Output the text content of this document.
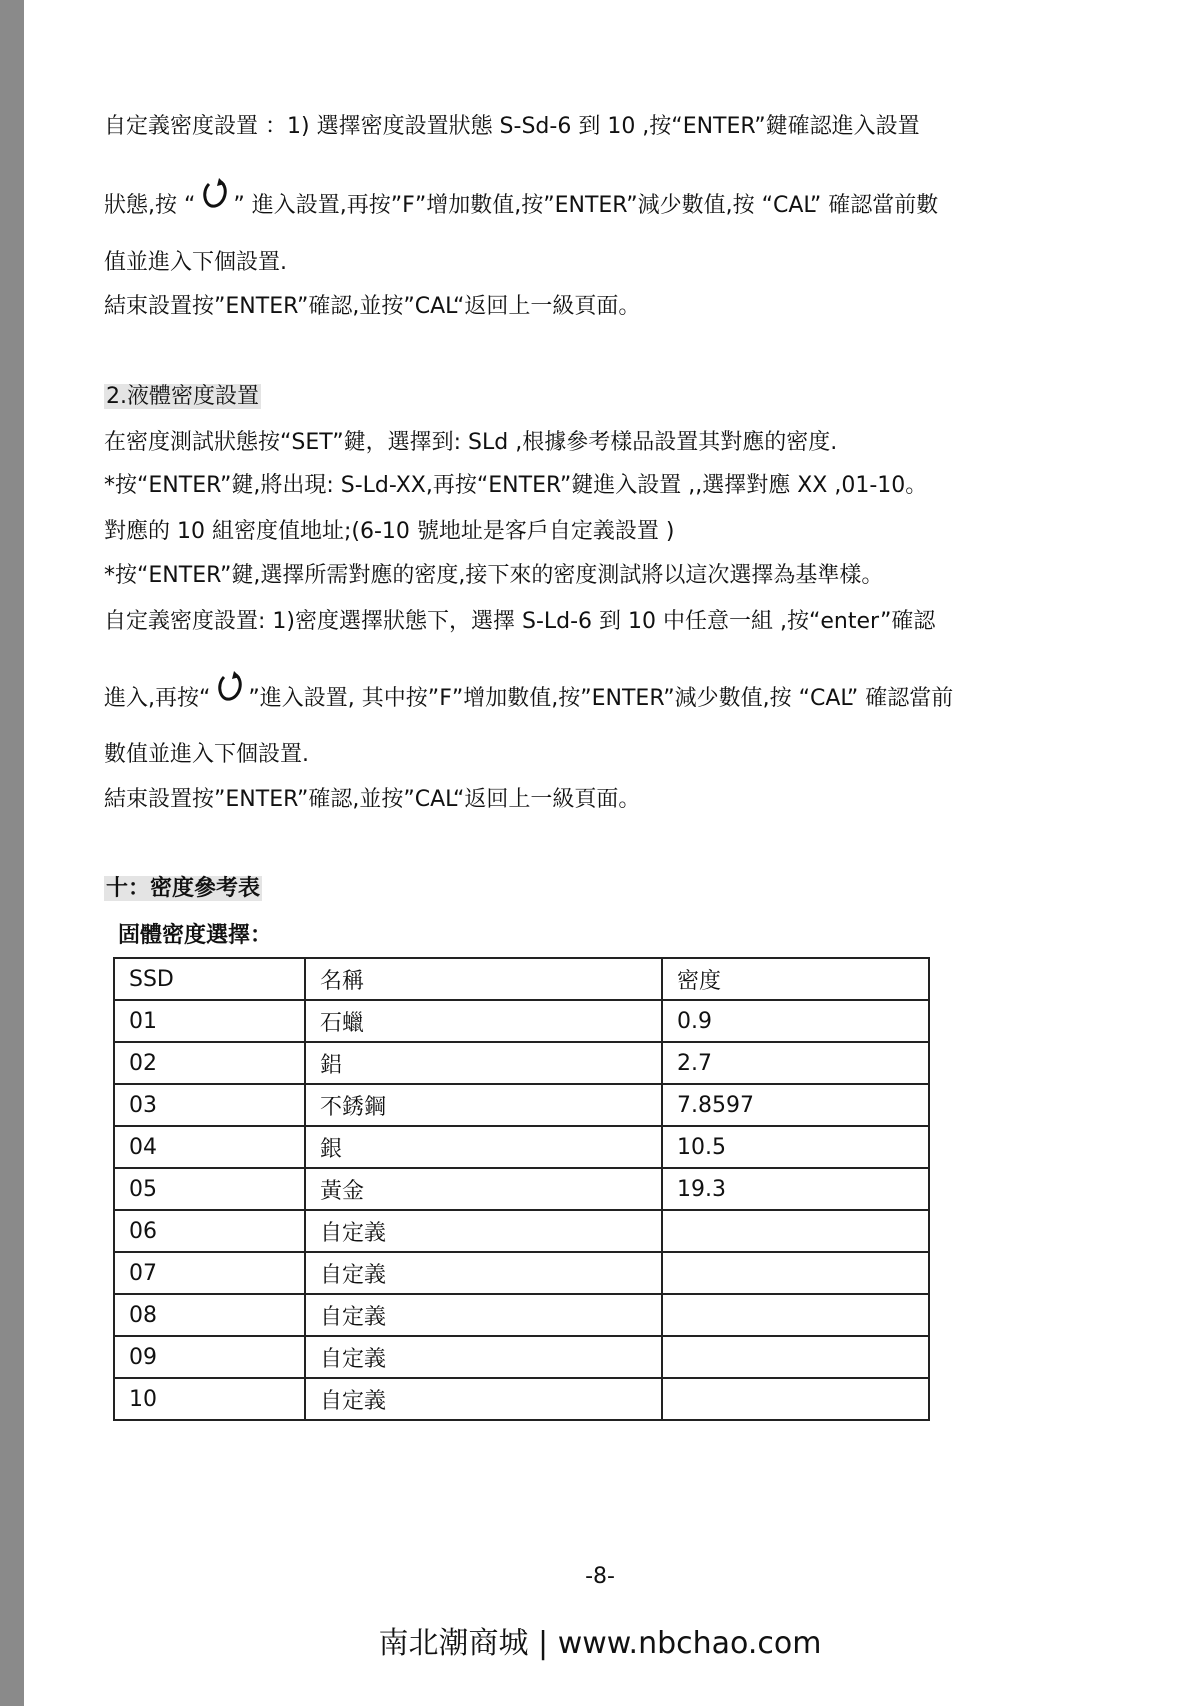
自定義密度設置 ：1) 選擇密度設置狀態 S-Sd-6 到 10 ,按“ENTER”鍵確認進入設置
狀態,按 “ ” 進入設置,再按”F”增加數值,按”ENTER”減少數值,按 “CAL” 確認當前數
值並進入下個設置.
結束設置按”ENTER”確認,並按”CAL“返回上一級頁面。
2.液體密度設置
在密度測試狀態按“SET”鍵，選擇到: SLd ,根據參考樣品設置其對應的密度.
*按“ENTER”鍵,將出現: S-Ld-XX,再按“ENTER”鍵進入設置 ,,選擇對應 XX ,01-10。
對應的 10 組密度值地址;(6-10 號地址是客戶自定義設置 )
*按“ENTER”鍵,選擇所需對應的密度,接下來的密度測試將以這次選擇為基準樣。
自定義密度設置: 1)密度選擇狀態下，選擇 S-Ld-6 到 10 中任意一組 ,按“enter”確認
進入,再按“ ”進入設置, 其中按”F”增加數值,按”ENTER”減少數值,按 “CAL” 確認當前
數值並進入下個設置.
結束設置按”ENTER”確認,並按”CAL“返回上一級頁面。
十：密度參考表
固體密度選擇：
SSD	名稱	密度
01	石蠟	0.9
02	鋁	2.7
03	不銹鋼	7.8597
04	銀	10.5
05	黃金	19.3
06	自定義	
07	自定義	
08	自定義	
09	自定義	
10	自定義	
-8-
南北潮商城 | www.nbchao.com
